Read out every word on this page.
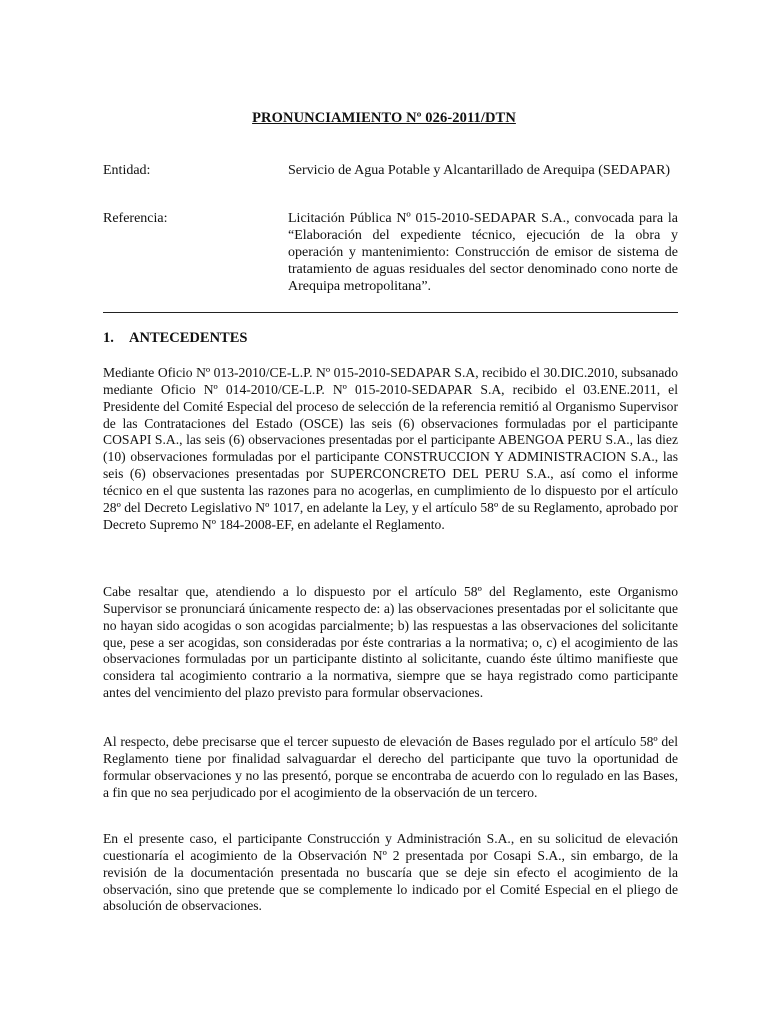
PRONUNCIAMIENTO Nº 026-2011/DTN
Entidad:	Servicio de Agua Potable y Alcantarillado de Arequipa (SEDAPAR)
Referencia:	Licitación Pública Nº 015-2010-SEDAPAR S.A., convocada para la “Elaboración del expediente técnico, ejecución de la obra y operación y mantenimiento: Construcción de emisor de sistema de tratamiento de aguas residuales del sector denominado cono norte de Arequipa metropolitana”.
1. ANTECEDENTES

Mediante Oficio Nº 013-2010/CE-L.P. Nº 015-2010-SEDAPAR S.A, recibido el 30.DIC.2010, subsanado mediante Oficio Nº 014-2010/CE-L.P. Nº 015-2010-SEDAPAR S.A, recibido el 03.ENE.2011, el Presidente del Comité Especial del proceso de selección de la referencia remitió al Organismo Supervisor de las Contrataciones del Estado (OSCE) las seis (6) observaciones formuladas por el participante COSAPI S.A., las seis (6) observaciones presentadas por el participante ABENGOA PERU S.A., las diez (10) observaciones formuladas por el participante CONSTRUCCION Y ADMINISTRACION S.A., las seis (6) observaciones presentadas por SUPERCONCRETO DEL PERU S.A., así como el informe técnico en el que sustenta las razones para no acogerlas, en cumplimiento de lo dispuesto por el artículo 28º del Decreto Legislativo Nº 1017, en adelante la Ley, y el artículo 58º de su Reglamento, aprobado por Decreto Supremo Nº 184-2008-EF, en adelante el Reglamento.

Cabe resaltar que, atendiendo a lo dispuesto por el artículo 58º del Reglamento, este Organismo Supervisor se pronunciará únicamente respecto de: a) las observaciones presentadas por el solicitante que no hayan sido acogidas o son acogidas parcialmente; b) las respuestas a las observaciones del solicitante que, pese a ser acogidas, son consideradas por éste contrarias a la normativa; o, c) el acogimiento de las observaciones formuladas por un participante distinto al solicitante, cuando éste último manifieste que considera tal acogimiento contrario a la normativa, siempre que se haya registrado como participante antes del vencimiento del plazo previsto para formular observaciones.

Al respecto, debe precisarse que el tercer supuesto de elevación de Bases regulado por el artículo 58º del Reglamento tiene por finalidad salvaguardar el derecho del participante que tuvo la oportunidad de formular observaciones y no las presentó, porque se encontraba de acuerdo con lo regulado en las Bases, a fin que no sea perjudicado por el acogimiento de la observación de un tercero.

En el presente caso, el participante Construcción y Administración S.A., en su solicitud de elevación cuestionaría el acogimiento de la Observación Nº 2 presentada por Cosapi S.A., sin embargo, de la revisión de la documentación presentada no buscaría que se deje sin efecto el acogimiento de la observación, sino que pretende que se complemente lo indicado por el Comité Especial en el pliego de absolución de observaciones.
